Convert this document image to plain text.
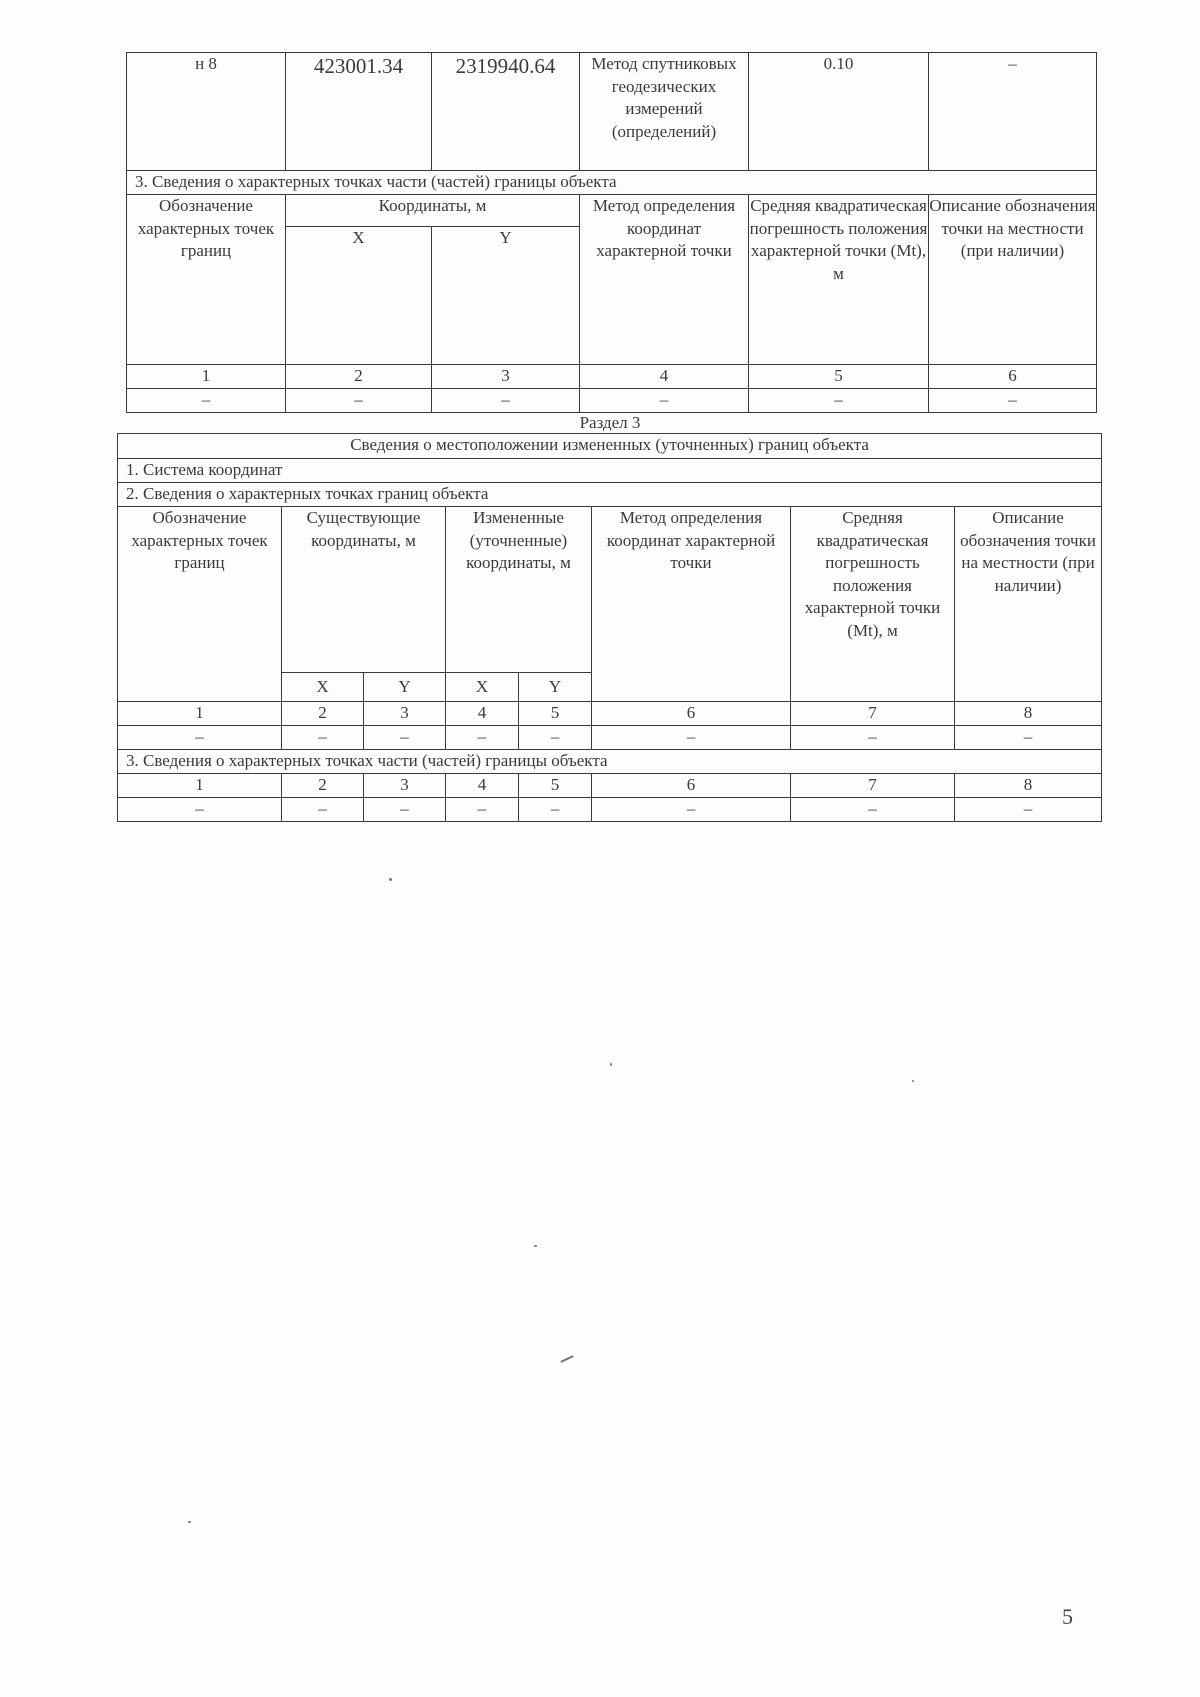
н 8	423001.34	2319940.64	Метод спутниковых геодезических измерений (определений)	0.10	–
3. Сведения о характерных точках части (частей) границы объекта					
Обозначение характерных точек границ	Координаты, м		Метод определения координат характерной точки	Средняя квадратическая погрешность положения характерной точки (Mt), м	Описание обозначения точки на местности (при наличии)
	X	Y			
1	2	3	4	5	6
–	–	–	–	–	–
Раздел 3
Сведения о местоположении измененных (уточненных) границ объекта							
1. Система координат							
2. Сведения о характерных точках границ объекта							
Обозначение характерных точек границ	Существующие координаты, м		Измененные (уточненные) координаты, м		Метод определения координат характерной точки	Средняя квадратическая погрешность положения характерной точки (Mt), м	Описание обозначения точки на местности (при наличии)
	X	Y	X	Y			
1	2	3	4	5	6	7	8
–	–	–	–	–	–	–	–
3. Сведения о характерных точках части (частей) границы объекта							
1	2	3	4	5	6	7	8
–	–	–	–	–	–	–	–
5
